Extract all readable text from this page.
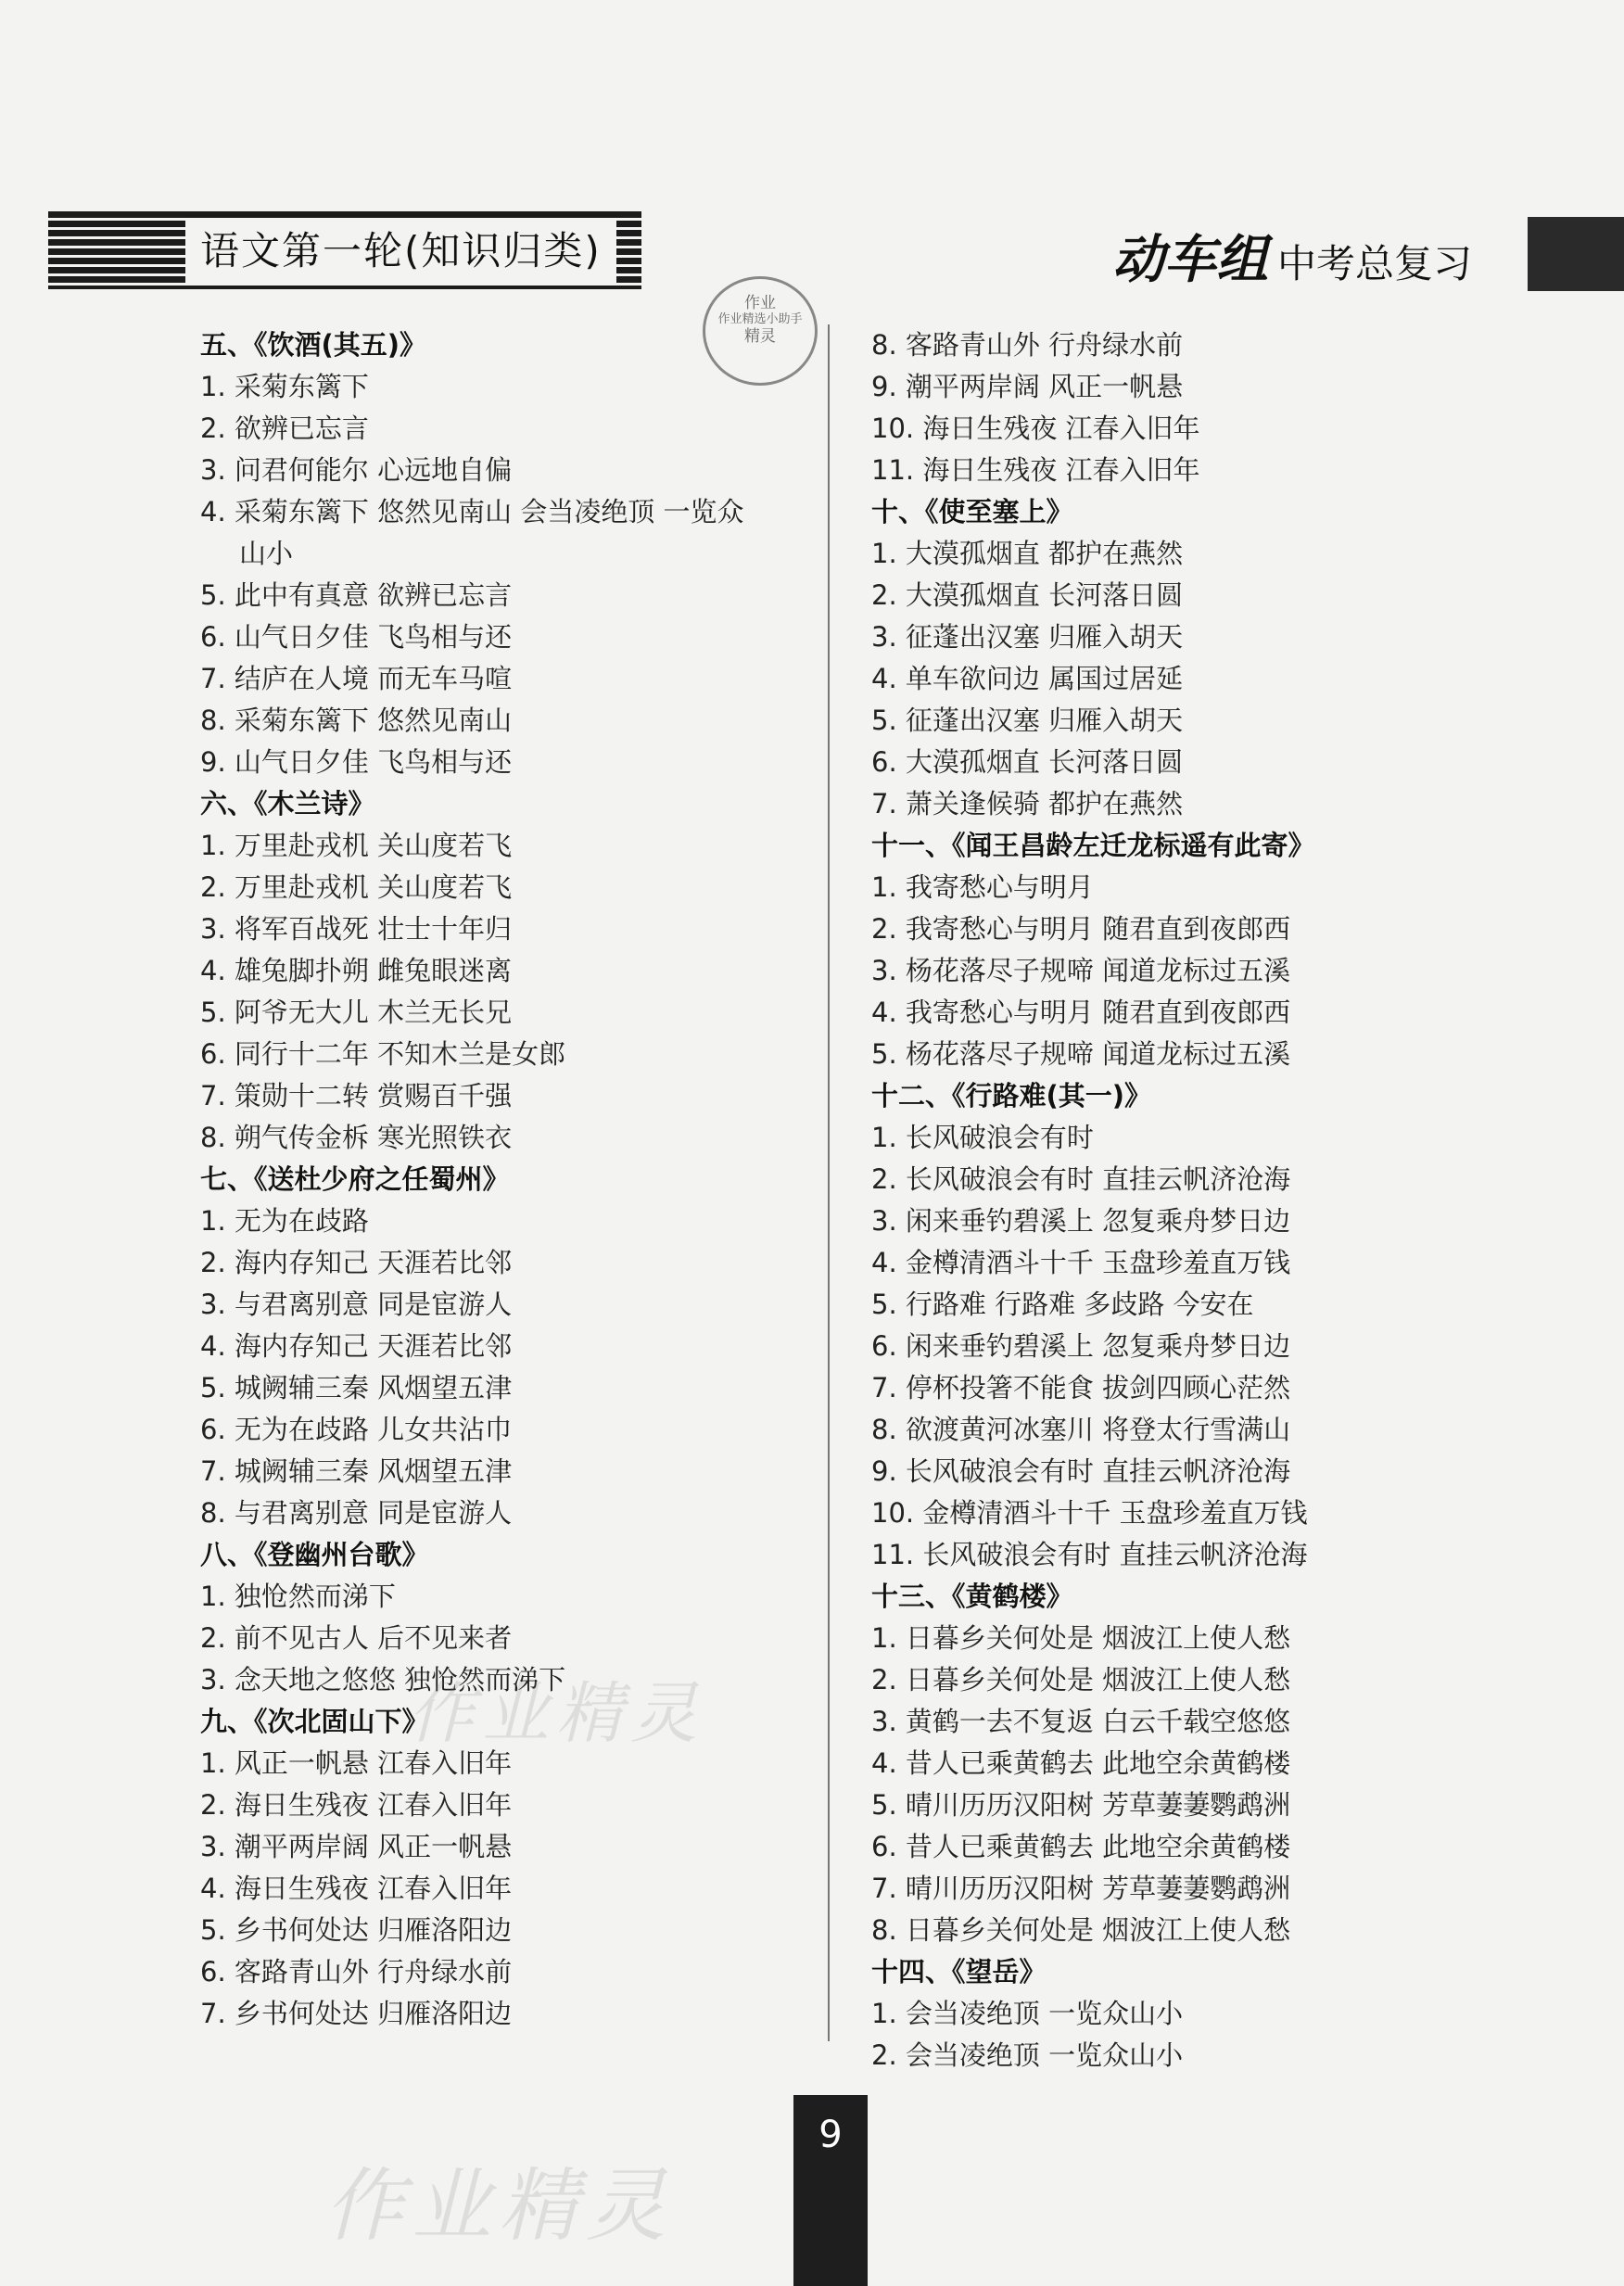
语文第一轮(知识归类)	动车组 中考总复习
作业
作业精选小助手
精灵
五、《饮酒(其五)》
1. 采菊东篱下
2. 欲辨已忘言
3. 问君何能尔 心远地自偏
4. 采菊东篱下 悠然见南山 会当凌绝顶 一览众
山小
5. 此中有真意 欲辨已忘言
6. 山气日夕佳 飞鸟相与还
7. 结庐在人境 而无车马喧
8. 采菊东篱下 悠然见南山
9. 山气日夕佳 飞鸟相与还
六、《木兰诗》
1. 万里赴戎机 关山度若飞
2. 万里赴戎机 关山度若飞
3. 将军百战死 壮士十年归
4. 雄兔脚扑朔 雌兔眼迷离
5. 阿爷无大儿 木兰无长兄
6. 同行十二年 不知木兰是女郎
7. 策勋十二转 赏赐百千强
8. 朔气传金柝 寒光照铁衣
七、《送杜少府之任蜀州》
1. 无为在歧路
2. 海内存知己 天涯若比邻
3. 与君离别意 同是宦游人
4. 海内存知己 天涯若比邻
5. 城阙辅三秦 风烟望五津
6. 无为在歧路 儿女共沾巾
7. 城阙辅三秦 风烟望五津
8. 与君离别意 同是宦游人
八、《登幽州台歌》
1. 独怆然而涕下
2. 前不见古人 后不见来者
3. 念天地之悠悠 独怆然而涕下
九、《次北固山下》
1. 风正一帆悬 江春入旧年
2. 海日生残夜 江春入旧年
3. 潮平两岸阔 风正一帆悬
4. 海日生残夜 江春入旧年
5. 乡书何处达 归雁洛阳边
6. 客路青山外 行舟绿水前
7. 乡书何处达 归雁洛阳边
8. 客路青山外 行舟绿水前
9. 潮平两岸阔 风正一帆悬
10. 海日生残夜 江春入旧年
11. 海日生残夜 江春入旧年
十、《使至塞上》
1. 大漠孤烟直 都护在燕然
2. 大漠孤烟直 长河落日圆
3. 征蓬出汉塞 归雁入胡天
4. 单车欲问边 属国过居延
5. 征蓬出汉塞 归雁入胡天
6. 大漠孤烟直 长河落日圆
7. 萧关逢候骑 都护在燕然
十一、《闻王昌龄左迁龙标遥有此寄》
1. 我寄愁心与明月
2. 我寄愁心与明月 随君直到夜郎西
3. 杨花落尽子规啼 闻道龙标过五溪
4. 我寄愁心与明月 随君直到夜郎西
5. 杨花落尽子规啼 闻道龙标过五溪
十二、《行路难(其一)》
1. 长风破浪会有时
2. 长风破浪会有时 直挂云帆济沧海
3. 闲来垂钓碧溪上 忽复乘舟梦日边
4. 金樽清酒斗十千 玉盘珍羞直万钱
5. 行路难 行路难 多歧路 今安在
6. 闲来垂钓碧溪上 忽复乘舟梦日边
7. 停杯投箸不能食 拔剑四顾心茫然
8. 欲渡黄河冰塞川 将登太行雪满山
9. 长风破浪会有时 直挂云帆济沧海
10. 金樽清酒斗十千 玉盘珍羞直万钱
11. 长风破浪会有时 直挂云帆济沧海
十三、《黄鹤楼》
1. 日暮乡关何处是 烟波江上使人愁
2. 日暮乡关何处是 烟波江上使人愁
3. 黄鹤一去不复返 白云千载空悠悠
4. 昔人已乘黄鹤去 此地空余黄鹤楼
5. 晴川历历汉阳树 芳草萋萋鹦鹉洲
6. 昔人已乘黄鹤去 此地空余黄鹤楼
7. 晴川历历汉阳树 芳草萋萋鹦鹉洲
8. 日暮乡关何处是 烟波江上使人愁
十四、《望岳》
1. 会当凌绝顶 一览众山小
2. 会当凌绝顶 一览众山小
作业精灵
作业精灵
9
